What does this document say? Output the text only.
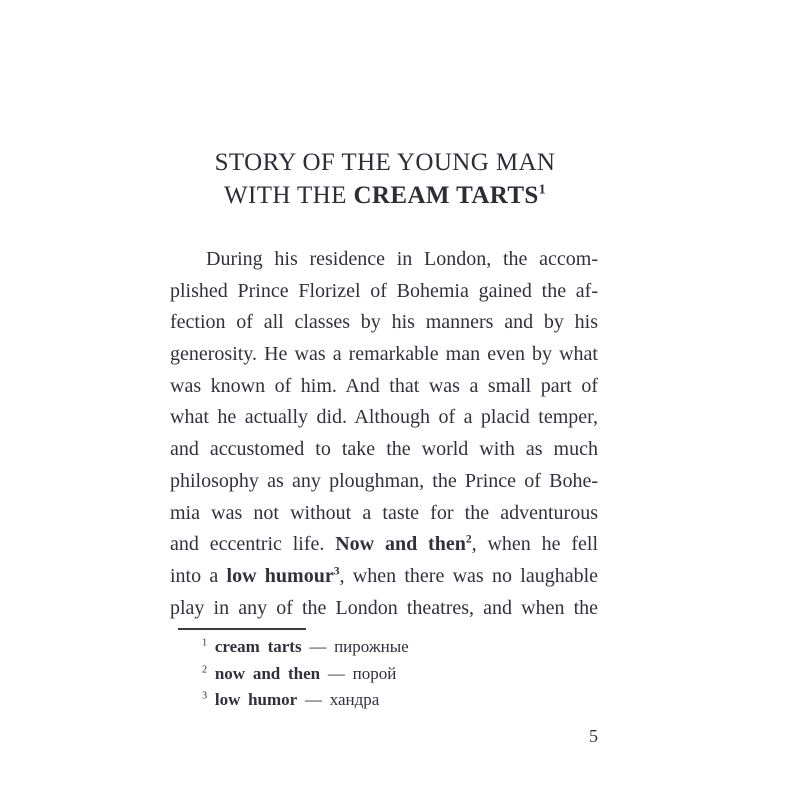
STORY OF THE YOUNG MAN
WITH THE CREAM TARTS$^1$
During his residence in London, the accom-
plished Prince Florizel of Bohemia gained the af-
fection of all classes by his manners and by his
generosity. He was a remarkable man even by what
was known of him. And that was a small part of
what he actually did. Although of a placid temper,
and accustomed to take the world with as much
philosophy as any ploughman, the Prince of Bohe-
mia was not without a taste for the adventurous
and eccentric life. Now and then$^2$, when he fell
into a low humour$^3$, when there was no laughable
play in any of the London theatres, and when the
$^1$ cream tarts — пирожные
$^2$ now and then — порой
$^3$ low humor — хандра
5
